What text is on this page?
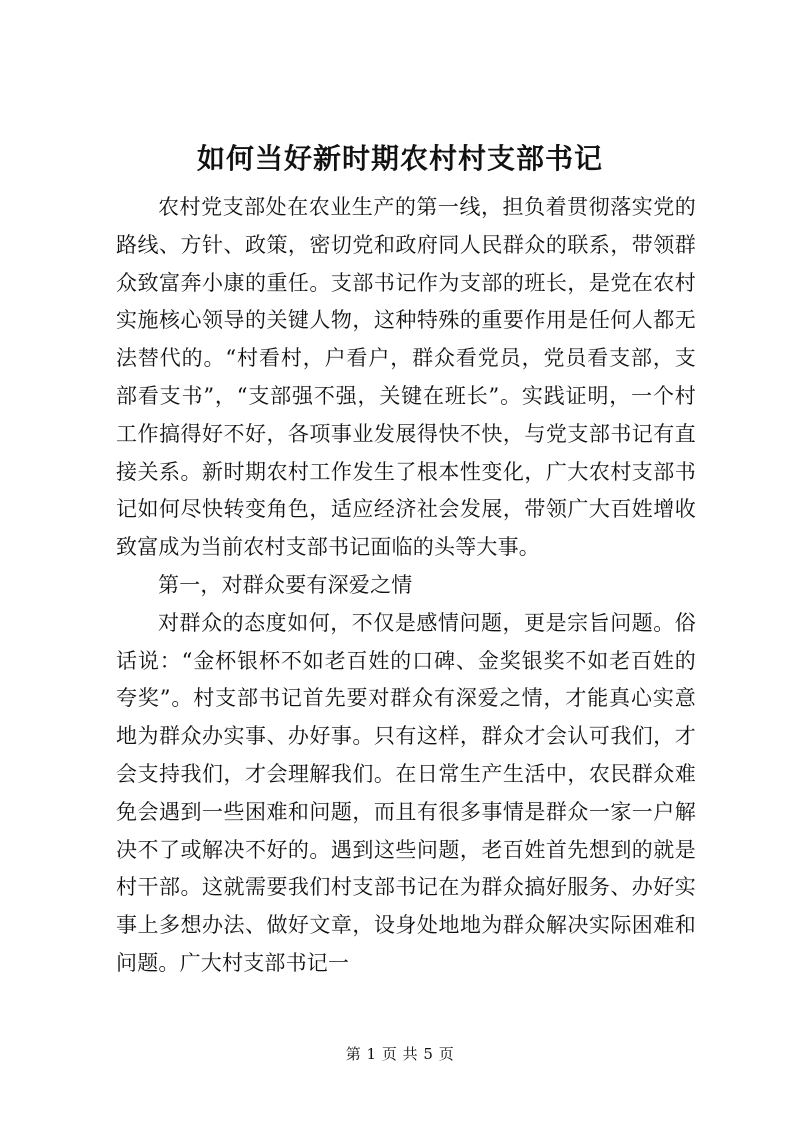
如何当好新时期农村村支部书记

农村党支部处在农业生产的第一线，担负着贯彻落实党的路线、方针、政策，密切党和政府同人民群众的联系，带领群众致富奔小康的重任。支部书记作为支部的班长，是党在农村实施核心领导的关键人物，这种特殊的重要作用是任何人都无法替代的。“村看村，户看户，群众看党员，党员看支部，支部看支书”，“支部强不强，关键在班长”。实践证明，一个村工作搞得好不好，各项事业发展得快不快，与党支部书记有直接关系。新时期农村工作发生了根本性变化，广大农村支部书记如何尽快转变角色，适应经济社会发展，带领广大百姓增收致富成为当前农村支部书记面临的头等大事。

第一，对群众要有深爱之情

对群众的态度如何，不仅是感情问题，更是宗旨问题。俗话说：“金杯银杯不如老百姓的口碑、金奖银奖不如老百姓的夸奖”。村支部书记首先要对群众有深爱之情，才能真心实意地为群众办实事、办好事。只有这样，群众才会认可我们，才会支持我们，才会理解我们。在日常生产生活中，农民群众难免会遇到一些困难和问题，而且有很多事情是群众一家一户解决不了或解决不好的。遇到这些问题，老百姓首先想到的就是村干部。这就需要我们村支部书记在为群众搞好服务、办好实事上多想办法、做好文章，设身处地地为群众解决实际困难和问题。广大村支部书记一

第 1 页 共 5 页
